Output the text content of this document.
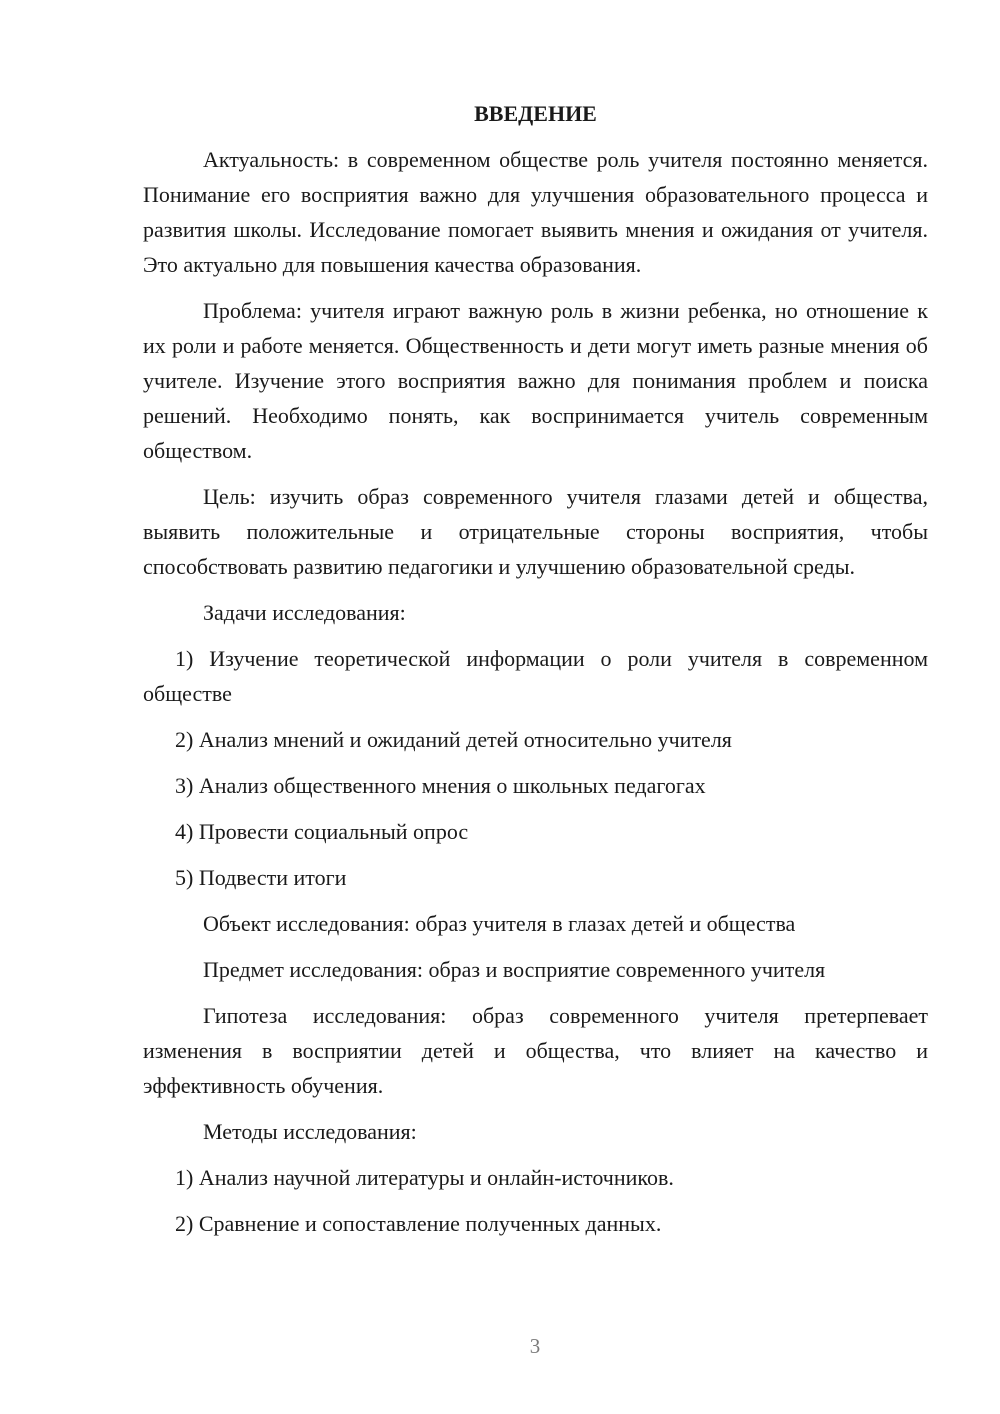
ВВЕДЕНИЕ

Актуальность: в современном обществе роль учителя постоянно меняется. Понимание его восприятия важно для улучшения образовательного процесса и развития школы. Исследование помогает выявить мнения и ожидания от учителя. Это актуально для повышения качества образования.

Проблема: учителя играют важную роль в жизни ребенка, но отношение к их роли и работе меняется. Общественность и дети могут иметь разные мнения об учителе. Изучение этого восприятия важно для понимания проблем и поиска решений. Необходимо понять, как воспринимается учитель современным обществом.

Цель: изучить образ современного учителя глазами детей и общества, выявить положительные и отрицательные стороны восприятия, чтобы способствовать развитию педагогики и улучшению образовательной среды.

Задачи исследования:

1) Изучение теоретической информации о роли учителя в современном обществе

2) Анализ мнений и ожиданий детей относительно учителя

3) Анализ общественного мнения о школьных педагогах

4) Провести социальный опрос

5) Подвести итоги

Объект исследования: образ учителя в глазах детей и общества

Предмет исследования: образ и восприятие современного учителя

Гипотеза исследования: образ современного учителя претерпевает изменения в восприятии детей и общества, что влияет на качество и эффективность обучения.

Методы исследования:

1) Анализ научной литературы и онлайн-источников.

2) Сравнение и сопоставление полученных данных.

3
